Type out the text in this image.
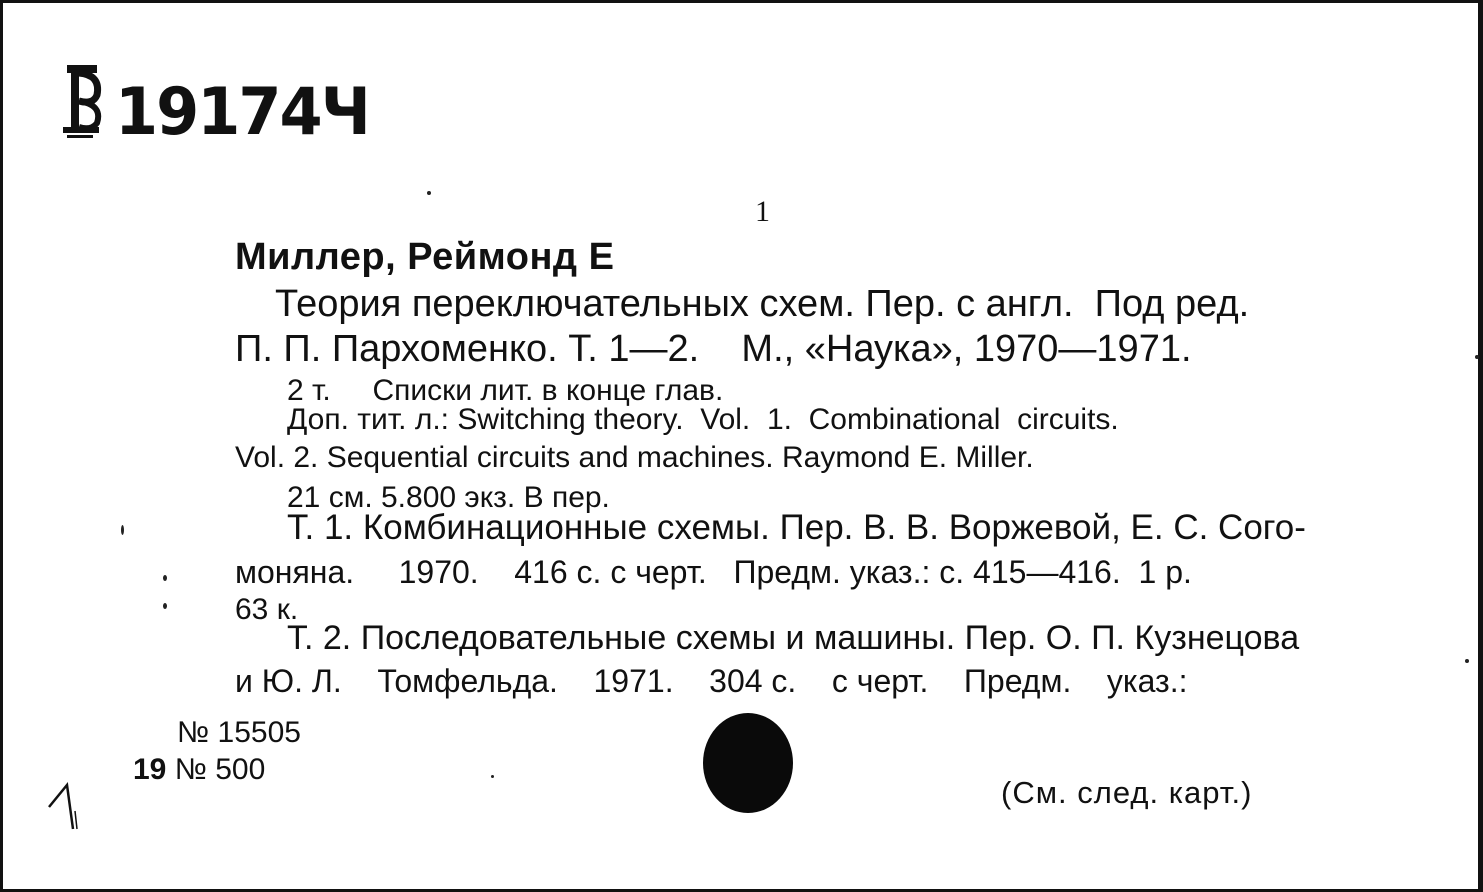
19174Ч
1
Миллер, Реймонд Е
Теория переключательных схем. Пер. с англ.  Под ред.
П. П. Пархоменко. Т. 1—2.    М., «Наука», 1970—1971.
2 т.     Списки лит. в конце глав.
Доп. тит. л.: Switching theory.  Vol.  1.  Combinational  circuits.
Vol. 2. Sequential circuits and machines. Raymond E. Miller.
21 см. 5.800 экз. В пер.
Т. 1. Комбинационные схемы. Пер. В. В. Воржевой, Е. С. Сого-
моняна.     1970.    416 с. с черт.   Предм. указ.: с. 415—416.  1 р.
63 к.
Т. 2. Последовательные схемы и машины. Пер. О. П. Кузнецова
и Ю. Л.    Томфельда.    1971.    304 с.    с черт.    Предм.    указ.:
№ 15505
19 № 500
(См. след. карт.)
